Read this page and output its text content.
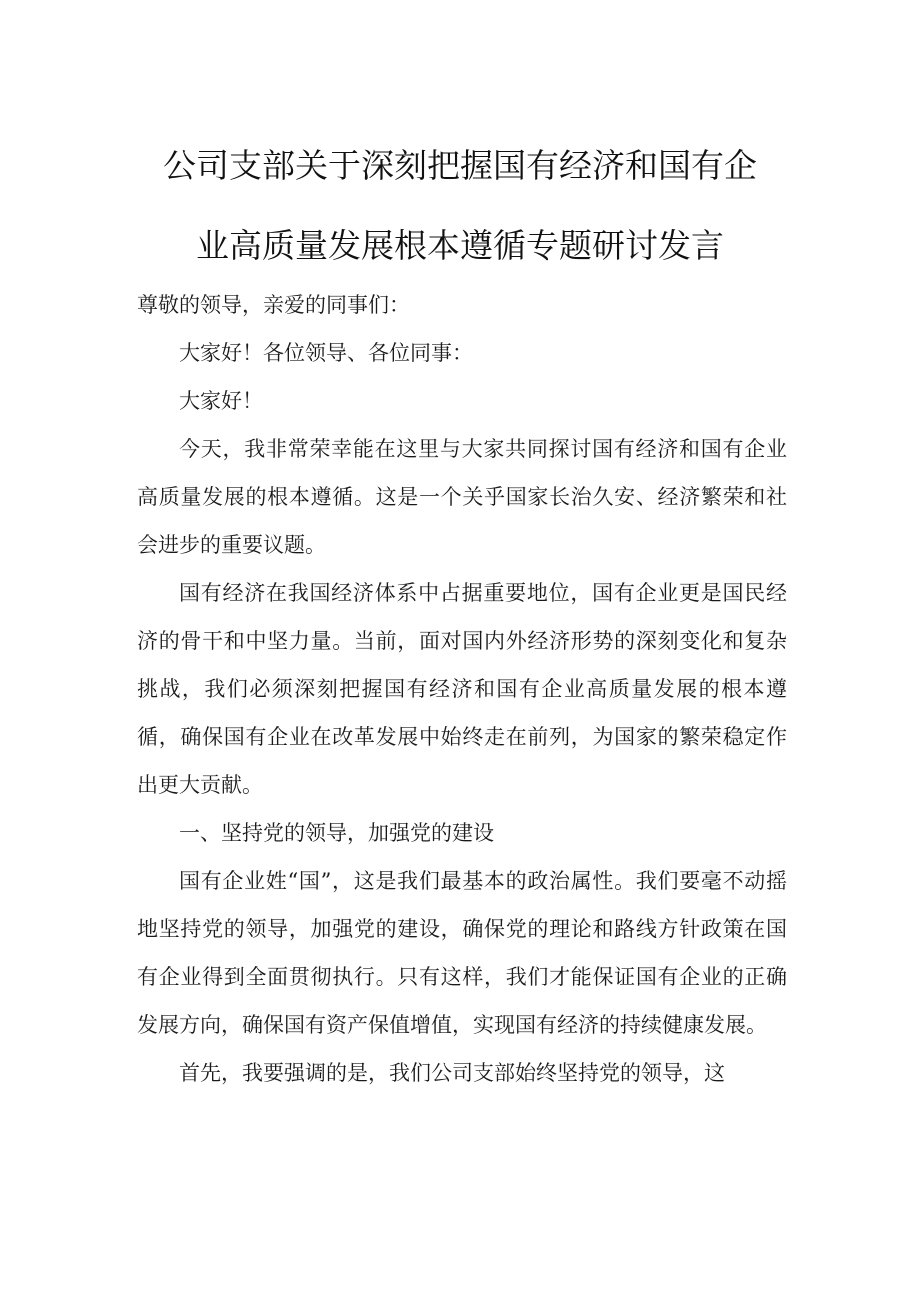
公司支部关于深刻把握国有经济和国有企
业高质量发展根本遵循专题研讨发言

尊敬的领导，亲爱的同事们：

大家好！各位领导、各位同事：

大家好！

今天，我非常荣幸能在这里与大家共同探讨国有经济和国有企业高质量发展的根本遵循。这是一个关乎国家长治久安、经济繁荣和社会进步的重要议题。

国有经济在我国经济体系中占据重要地位，国有企业更是国民经济的骨干和中坚力量。当前，面对国内外经济形势的深刻变化和复杂挑战，我们必须深刻把握国有经济和国有企业高质量发展的根本遵循，确保国有企业在改革发展中始终走在前列，为国家的繁荣稳定作出更大贡献。

一、坚持党的领导，加强党的建设

国有企业姓“国”，这是我们最基本的政治属性。我们要毫不动摇地坚持党的领导，加强党的建设，确保党的理论和路线方针政策在国有企业得到全面贯彻执行。只有这样，我们才能保证国有企业的正确发展方向，确保国有资产保值增值，实现国有经济的持续健康发展。

首先，我要强调的是，我们公司支部始终坚持党的领导，这
